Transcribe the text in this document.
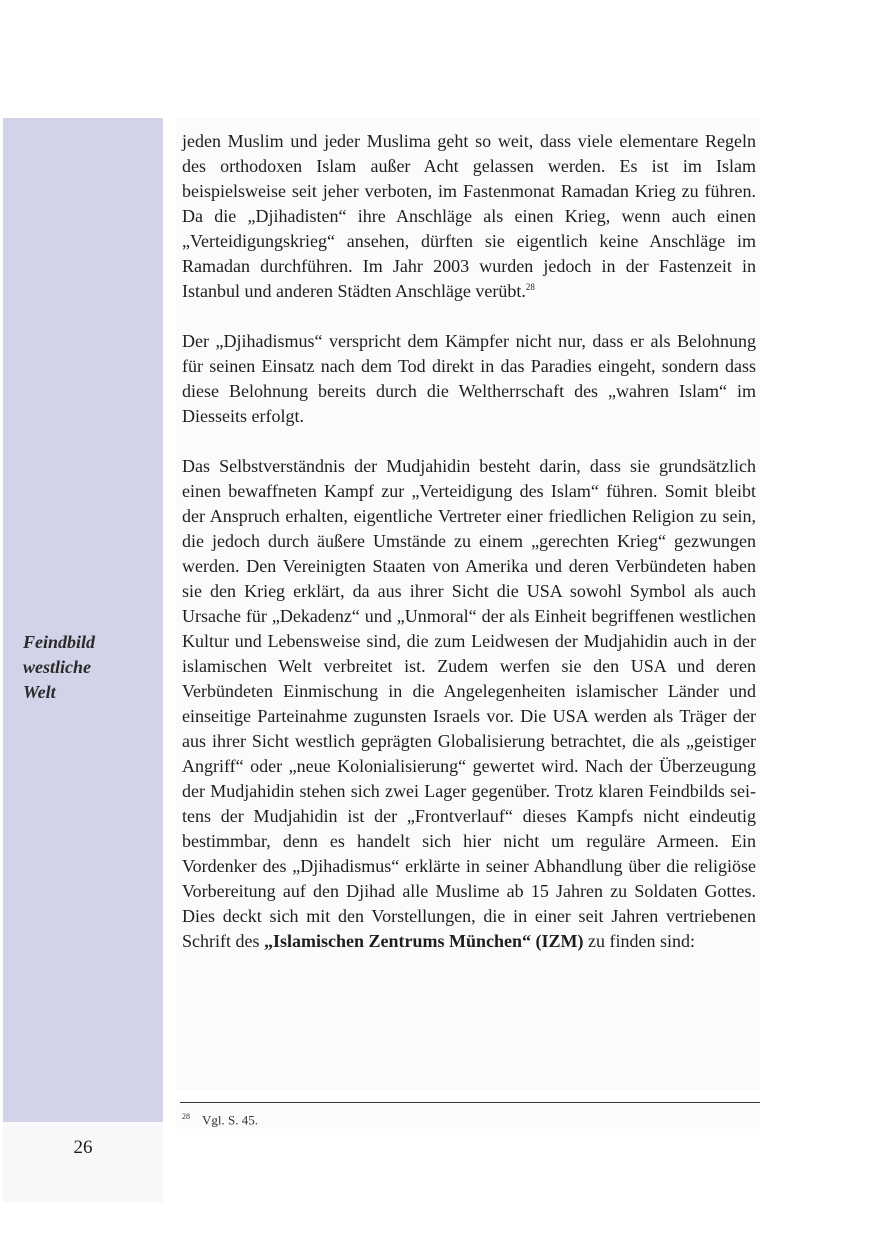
Feindbild
westliche
Welt
26

jeden Muslim und jeder Muslima geht so weit, dass viele elementare Regeln des orthodoxen Islam außer Acht gelassen werden. Es ist im Islam beispielsweise seit jeher verboten, im Fastenmonat Ramadan Krieg zu führen. Da die „Djihadisten“ ihre Anschläge als einen Krieg, wenn auch einen „Verteidigungskrieg“ ansehen, dürften sie eigentlich keine Anschläge im Ramadan durchführen. Im Jahr 2003 wurden jedoch in der Fastenzeit in Istanbul und anderen Städten Anschläge verübt.$^{28}$

Der „Djihadismus“ verspricht dem Kämpfer nicht nur, dass er als Belohnung für seinen Einsatz nach dem Tod direkt in das Paradies eingeht, sondern dass diese Belohnung bereits durch die Weltherrschaft des „wahren Islam“ im Diesseits erfolgt.

Das Selbstverständnis der Mudjahidin besteht darin, dass sie grundsätzlich einen bewaffneten Kampf zur „Verteidigung des Islam“ führen. Somit bleibt der Anspruch erhalten, eigentliche Vertreter einer friedlichen Religion zu sein, die jedoch durch äußere Umstände zu einem „gerechten Krieg“ gezwungen werden. Den Vereinigten Staaten von Amerika und deren Verbündeten haben sie den Krieg erklärt, da aus ihrer Sicht die USA sowohl Symbol als auch Ursache für „Dekadenz“ und „Unmoral“ der als Einheit begriffenen westlichen Kultur und Lebensweise sind, die zum Leidwesen der Mudjahidin auch in der islamischen Welt verbreitet ist. Zudem werfen sie den USA und deren Verbündeten Einmischung in die Angelegenheiten islamischer Länder und einseitige Parteinahme zugunsten Israels vor. Die USA werden als Träger der aus ihrer Sicht westlich geprägten Globalisierung betrachtet, die als „geistiger Angriff“ oder „neue Kolonialisierung“ gewertet wird. Nach der Überzeugung der Mudjahidin stehen sich zwei Lager gegenüber. Trotz klaren Feindbilds seitens der Mudjahidin ist der „Frontverlauf“ dieses Kampfs nicht eindeutig bestimmbar, denn es handelt sich hier nicht um reguläre Armeen. Ein Vordenker des „Djihadismus“ erklärte in seiner Abhandlung über die religiöse Vorbereitung auf den Djihad alle Muslime ab 15 Jahren zu Soldaten Gottes. Dies deckt sich mit den Vorstellungen, die in einer seit Jahren vertriebenen Schrift des „Islamischen Zentrums München“ (IZM) zu finden sind:

$^{28}$ Vgl. S. 45.
